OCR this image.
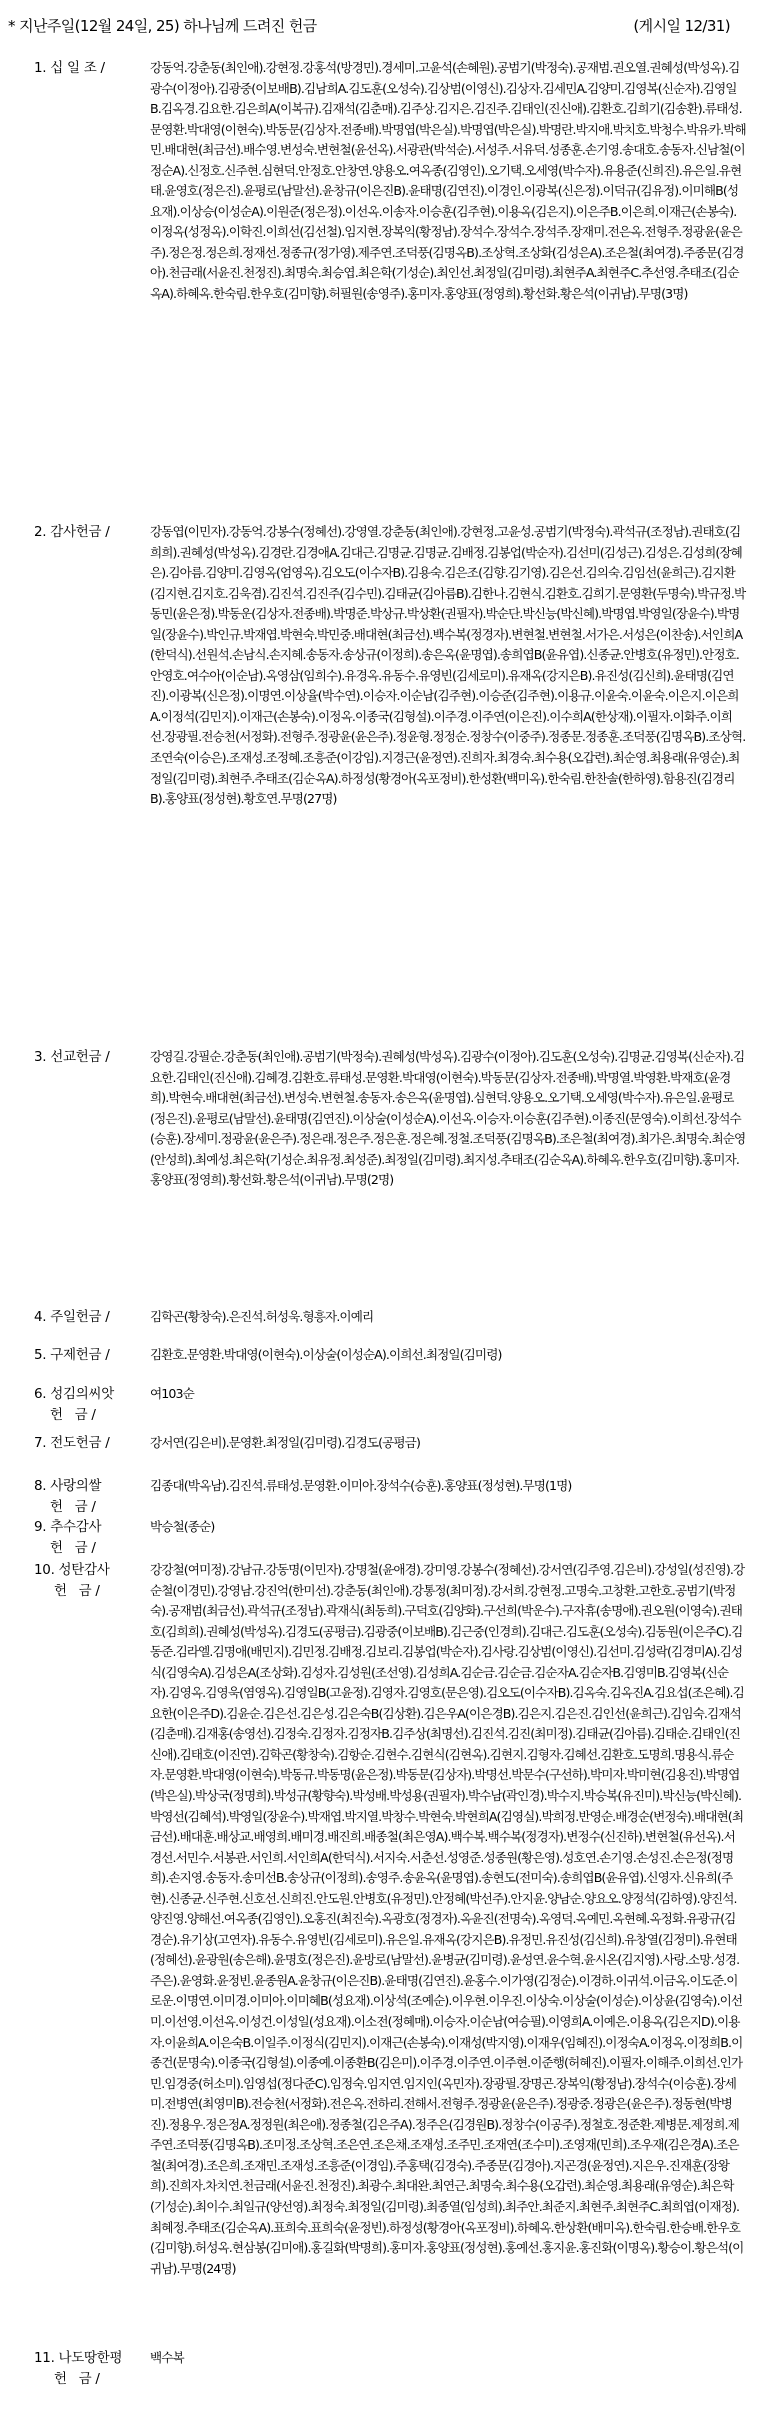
* 지난주일(12월 24일, 25) 하나님께 드려진 헌금	(게시일 12/31)
1. 십 일 조 /	강동억.강춘동(최인애).강현정.강홍석(방경민).경세미.고윤석(손혜원).공범기(박정숙).공재범.권오열.권혜성(박성옥).김광수(이정아).김광중(이보배B).김남희A.김도훈(오성숙).김상범(이영신).김상자.김세민A.김양미.김영복(신순자).김영일B.김옥경.김요한.김은희A(이복규).김재석(김춘매).김주상.김지은.김진주.김태인(진신애).김환호.김희기(김송환).류태성.문영환.박대영(이현숙).박동문(김상자.전종배).박명엽(박은실).박명엽(박은실).박명란.박지애.박치호.박청수.박유카.박해민.배대현(최금선).배수영.변성숙.변현철(윤선옥).서광관(박석순).서성주.서유덕.성종훈.손기영.송대호.송동자.신남철(이정순A).신정호.신주현.심현덕.안정호.안창연.양용오.여옥종(김영인).오기택.오세영(박수자).유용준(신희진).유은일.유현태.윤영호(정은진).윤평로(남말선).윤창규(이은진B).윤태명(김연진).이경인.이광복(신은정).이덕규(김유정).이미해B(성요재).이상승(이성순A).이원준(정은정).이선옥.이송자.이승훈(김주현).이용옥(김은지).이은주B.이은희.이재근(손봉숙).이정옥(성정옥).이학진.이희선(김선철).임지현.장복익(황정남).장석수.장석수.장석주.장재미.전은옥.전형주.정광윤(윤은주).정은정.정은희.정재선.정종규(정가영).제주연.조덕풍(김명옥B).조상혁.조상화(김성은A).조은철(최여경).주종문(김경아).천금래(서윤진.천정진).최명숙.최승엽.최은학(기성순).최인선.최정일(김미령).최현주A.최현주C.추선영.추태조(김순옥A).하혜옥.한숙림.한우호(김미향).허필원(송영주).홍미자.홍양표(정영희).황선화.황은석(이귀남).무명(3명)
2. 감사헌금 /	강동엽(이민자).강동억.강봉수(정혜선).강영열.강춘동(최인애).강현정.고윤성.공범기(박정숙).곽석규(조정남).권태호(김희희).권혜성(박성옥).김경란.김경애A.김대근.김명균.김명균.김배정.김봉업(박순자).김선미(김성근).김성은.김성희(장혜은).김아름.김양미.김영옥(엄영옥).김오도(이수자B).김용숙.김은조(김향.김기영).김은선.김의숙.김임선(윤희근).김지환(김지현.김지호.김욱겸).김진석.김진주(김수민).김태균(김아름B).김한나.김현식.김환호.김희기.문영환(두명숙).박규정.박동민(윤은정).박동운(김상자.전종배).박명준.박상규.박상환(권필자).박순단.박신능(박신혜).박명엽.박영일(장윤수).박명일(장윤수).박인규.박재엽.박현숙.박민중.배대현(최금선).백수복(정경자).변현철.변현철.서가은.서성은(이찬송).서인희A(한덕식).선원석.손남식.손지혜.송동자.송상규(이정희).송은옥(윤명엽).송희엽B(윤유엽).신종균.안병호(유정민).안정호.안영호.여수아(이순남).옥영삼(임희수).유경옥.유동수.유영빈(김세로미).유재옥(강지은B).유진성(김신희).윤태명(김연진).이광복(신은정).이명연.이상율(박수연).이승자.이순남(김주현).이승준(김주현).이용규.이윤숙.이윤숙.이은지.이은희A.이정석(김민지).이재근(손봉숙).이정옥.이종국(김형설).이주경.이주연(이은진).이수희A(한상재).이필자.이화주.이희선.장광필.전승천(서정화).전형주.정광윤(윤은주).정윤형.정정순.정창수(이중주).정종문.정종훈.조덕풍(김명옥B).조상혁.조연숙(이승은).조재성.조정혜.조흥준(이강임).지경근(윤정연).진희자.최경숙.최수용(오갑련).최순영.최용래(유영순).최정일(김미령).최현주.추태조(김순옥A).하정성(황경아(옥포정비).한성환(백미옥).한숙림.한찬솔(한하영).함용진(김경리B).홍양표(정성현).황호연.무명(27명)
3. 선교헌금 /	강영길.강필순.강춘동(최인애).공범기(박정숙).권혜성(박성옥).김광수(이정아).김도훈(오성숙).김명균.김영복(신순자).김요한.김태인(진신애).김혜경.김환호.류태성.문영환.박대영(이현숙).박동문(김상자.전종배).박명열.박영환.박재호(윤경희).박현숙.배대현(최금선).변성숙.변현철.송동자.송은옥(윤명엽).심현덕.양용오.오기택.오세영(박수자).유은일.윤평로(정은진).윤평로(남말선).윤태명(김연진).이상술(이성순A).이선옥.이승자.이승훈(김주현).이종진(문영숙).이희선.장석수(승훈).장세미.정광윤(윤은주).정은래.정은주.정은훈.정은혜.정철.조덕풍(김명옥B).조은철(최여경).최가은.최명숙.최순영(안성희).최예성.최은학(기성순.최유정.최성준).최정일(김미령).최지성.추태조(김순옥A).하혜옥.한우호(김미향).홍미자.홍양표(정영희).황선화.황은석(이귀남).무명(2명)
4. 주일헌금 /	김학곤(황창숙).은진석.허성욱.형흥자.이예리
5. 구제헌금 /	김환호.문영환.박대영(이현숙).이상술(이성순A).이희선.최정일(김미령)
6. 성김의씨앗
헌   금 /
여103순
7. 전도헌금 /	강서연(김은비).문영환.최정일(김미령).김경도(공평금)
8. 사랑의쌀
헌   금 /
김종대(박옥남).김진석.류태성.문영환.이미아.장석수(승훈).홍양표(정성현).무명(1명)
9. 추수감사
헌   금 /
박승철(종순)
10. 성탄감사
헌   금 /
강강철(여미정).강남규.강동명(이민자).강명철(윤애경).강미영.강봉수(정혜선).강서연(김주영.김은비).강성일(성진영).강순철(이경민).강영남.강진억(한미선).강춘동(최인애).강통정(최미정).강서희.강현정.고명숙.고창환.고한호.공범기(박정숙).공재범(최금선).곽석규(조정남).곽재식(최동희).구덕호(김양화).구선희(박운수).구자휴(송명애).권오원(이영숙).권태호(김희희).권혜성(박성옥).김경도(공평금).김광중(이보배B).김근중(인경희).김대근.김도훈(오성숙).김동원(이은주C).김동준.김라엘.김명애(배민지).김민정.김배정.김보리.김봉업(박순자).김사랑.김상범(이영신).김선미.김성락(김경미A).김성식(김영숙A).김성은A(조상화).김성자.김성원(조선영).김성희A.김순금.김순금.김순자A.김순자B.김영미B.김영복(신순자).김영옥.김영욱(염영옥).김영일B(고윤정).김영자.김영호(문은영).김오도(이수자B).김옥숙.김옥진A.김요섭(조은혜).김요한(이은주D).김윤순.김은선.김은성.김은숙B(김상환).김은우A(이은경B).김은지.김은진.김인선(윤희근).김임숙.김재석(김춘매).김재홍(송영선).김정숙.김정자.김정자B.김주상(최명선).김진석.김진(최미정).김태균(김아름).김태순.김태인(진신애).김태호(이진연).김학곤(황창숙).김항순.김현수.김현식(김현옥).김현지.김형자.김혜선.김환호.도명희.명용식.류순자.문영환.박대영(이현숙).박동규.박동명(윤은정).박동문(김상자).박명선.박문수(구선하).박미자.박미현(김용진).박명엽(박은실).박상국(정명희).박성규(황향숙).박성배.박성용(권필자).박수남(곽인경).박수지.박승복(유진미).박신능(박신혜).박영선(김혜석).박영일(장윤수).박재엽.박지열.박창수.박현숙.박현희A(김영실).박희정.반영순.배경순(변정숙).배대현(최금선).배대훈.배상교.배영희.배미경.배진희.배종철(최은영A).백수복.백수복(정경자).변정수(신진하).변현철(유선옥).서경선.서민수.서봉관.서인희.서인희A(한덕식).서지숙.서춘선.성영준.성종원(황은영).성호연.손기영.손성진.손은정(정명희).손지영.송동자.송미선B.송상규(이정희).송영주.송윤옥(윤명엽).송현도(전미숙).송희엽B(윤유엽).신영자.신유희(주현).신종균.신주현.신호선.신희진.안도원.안병호(유정민).안정혜(박선주).안지윤.양남순.양요오.양정석(김하영).양진석.양진영.양해선.여옥종(김영인).오홍진(최진숙).옥광호(정경자).옥윤진(전명숙).옥영덕.옥예민.옥현혜.옥정화.유광규(김경순).유기상(고연자).유동수.유영빈(김세로미).유은일.유재옥(강지은B).유정민.유진성(김신희).유창열(김정미).유현태(정혜선).윤광원(송은해).윤명호(정은진).윤방로(남말선).윤병균(김미령).윤성연.윤수혁.윤시온(김지영).사랑.소망.성경.주은).윤영화.윤정빈.윤종원A.윤창규(이은진B).윤태명(김연진).윤홍수.이가영(김정순).이경하.이귀석.이금옥.이도준.이로운.이명연.이미경.이미아.이미혜B(성요재).이상석(조예순).이우현.이우진.이상숙.이상술(이성순).이상윤(김영숙).이선미.이선영.이선옥.이성건.이성일(성요재).이소전(정혜매).이승자.이순남(여승필).이영희A.이예은.이용옥(김은지D).이용자.이윤희A.이은숙B.이일주.이정식(김민지).이재근(손봉숙).이재성(박지영).이재우(임혜진).이정숙A.이정옥.이정희B.이종건(문명숙).이종국(김형설).이종예.이종환B(김은미).이주경.이주연.이주현.이준행(허혜진).이필자.이해주.이희선.인가민.임경중(허소미).임영섭(정다준C).임정숙.임지연.임지인(옥민자).장광필.장명곤.장복익(황정남).장석수(이승훈).장세미.전병연(최영미B).전승천(서정화).전은옥.전하리.전해서.전형주.정광윤(윤은주).정광중.정광은(윤은주).정동현(박병진).정용우.정은정A.정정원(최은애).정종철(김은주A).정주은(김경원B).정창수(이공주).정철호.정준환.제병문.제정희.제주연.조덕풍(김명옥B).조미정.조상혁.조은연.조은채.조재성.조주민.조재연(조수미).조영재(민희).조우재(김은경A).조은철(최여경).조은희.조재민.조재성.조흥준(이경임).주홍택(김경숙).주종문(김경아).지곤경(윤정연).지은우.진재훈(장왕희).진희자.차치연.천금래(서윤진.천정진).최광수.최대완.최연근.최명숙.최수용(오갑련).최순영.최용래(유영순).최은학(기성순).최이수.최일규(양선영).최정숙.최정일(김미령).최종열(임성희).최주안.최준지.최현주.최현주C.최희엽(이재정).최혜정.추태조(김순옥A).표희숙.표희숙(윤정빈).하정성(황경아(옥포정비).하혜옥.한상환(배미옥).한숙림.한승배.한우호(김미향).허성옥.현삼봉(김미애).홍길화(박명희).홍미자.홍양표(정성현).홍예선.홍지윤.홍진화(이명옥).황승이.황은석(이귀남).무명(24명)
11. 나도땅한평
헌   금 /
백수복
